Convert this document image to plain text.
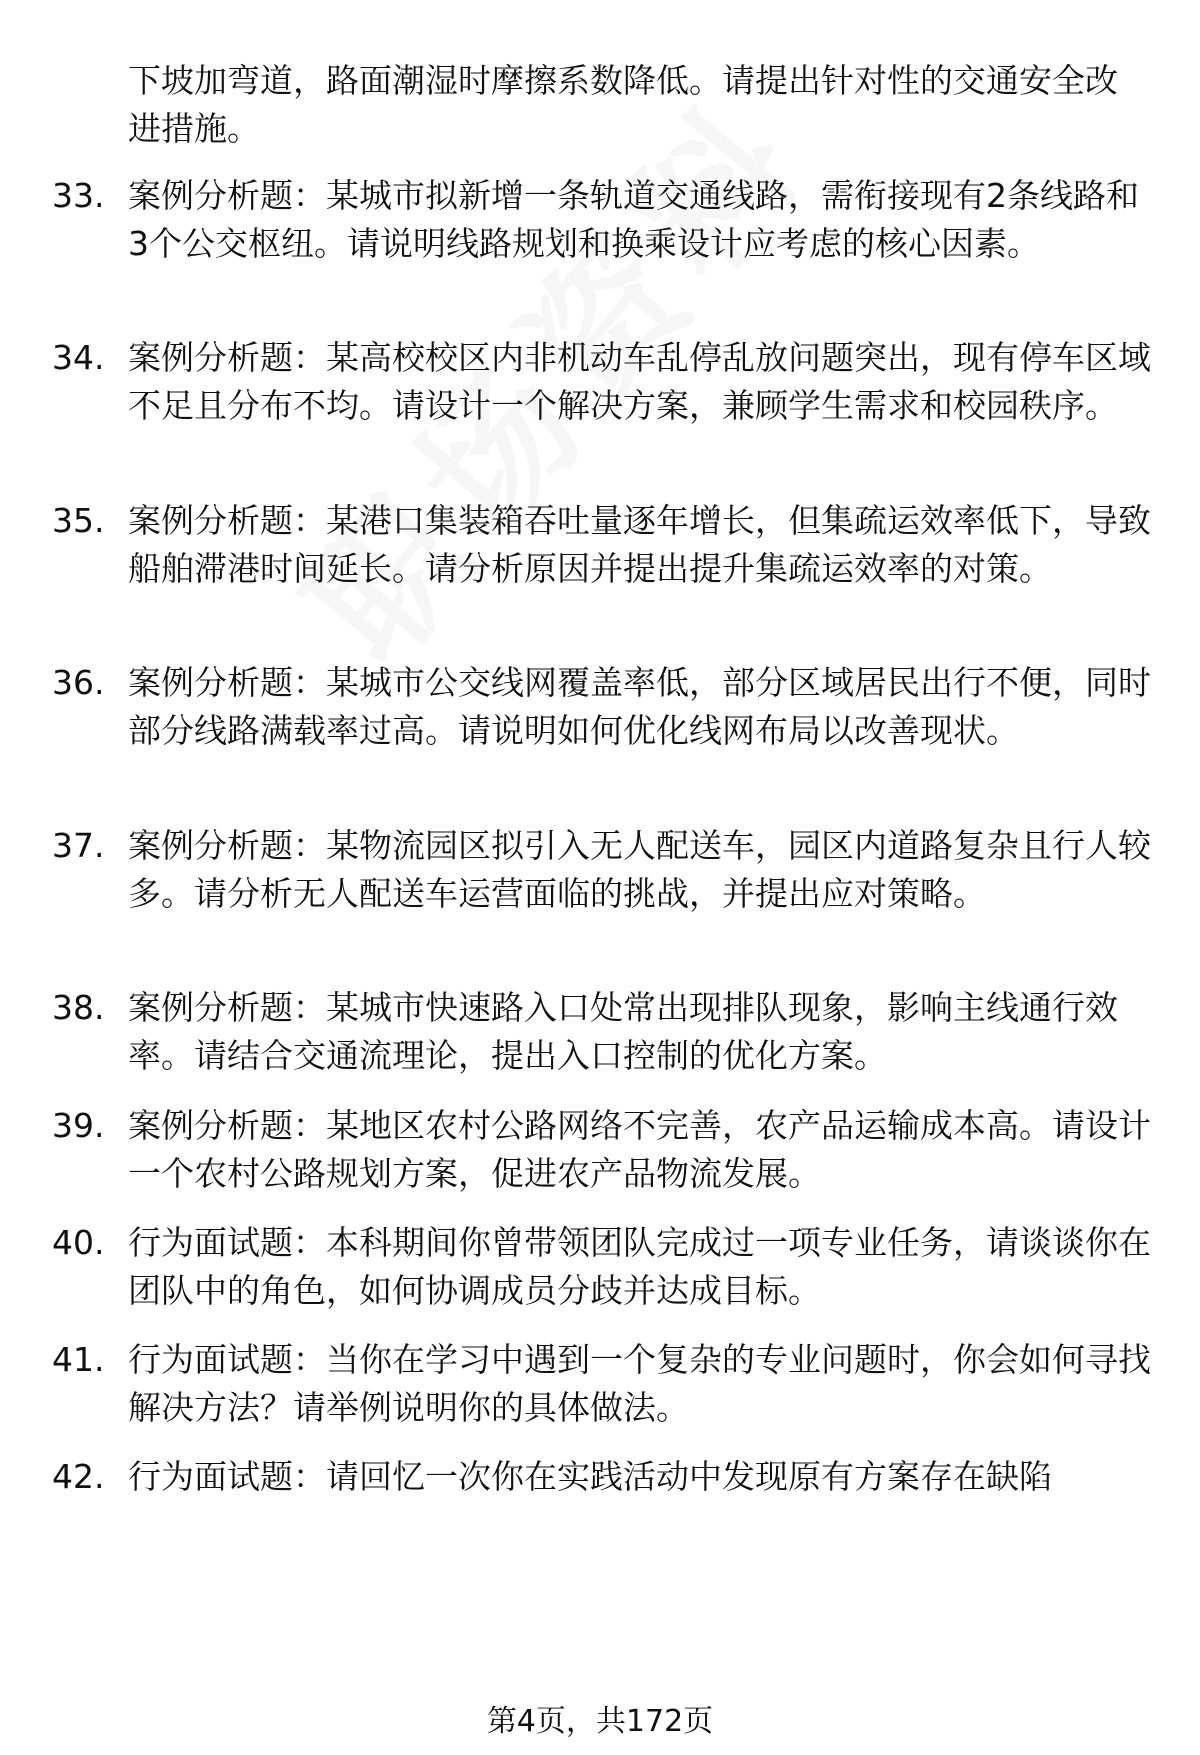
下坡加弯道，路面潮湿时摩擦系数降低。请提出针对性的交通安全改进措施。
33. 案例分析题：某城市拟新增一条轨道交通线路，需衔接现有2条线路和3个公交枢纽。请说明线路规划和换乘设计应考虑的核心因素。
34. 案例分析题：某高校校区内非机动车乱停乱放问题突出，现有停车区域不足且分布不均。请设计一个解决方案，兼顾学生需求和校园秩序。
35. 案例分析题：某港口集装箱吞吐量逐年增长，但集疏运效率低下，导致船舶滞港时间延长。请分析原因并提出提升集疏运效率的对策。
36. 案例分析题：某城市公交线网覆盖率低，部分区域居民出行不便，同时部分线路满载率过高。请说明如何优化线网布局以改善现状。
37. 案例分析题：某物流园区拟引入无人配送车，园区内道路复杂且行人较多。请分析无人配送车运营面临的挑战，并提出应对策略。
38. 案例分析题：某城市快速路入口处常出现排队现象，影响主线通行效率。请结合交通流理论，提出入口控制的优化方案。
39. 案例分析题：某地区农村公路网络不完善，农产品运输成本高。请设计一个农村公路规划方案，促进农产品物流发展。
40. 行为面试题：本科期间你曾带领团队完成过一项专业任务，请谈谈你在团队中的角色，如何协调成员分歧并达成目标。
41. 行为面试题：当你在学习中遇到一个复杂的专业问题时，你会如何寻找解决方法？请举例说明你的具体做法。
42. 行为面试题：请回忆一次你在实践活动中发现原有方案存在缺陷
第4页，共172页
